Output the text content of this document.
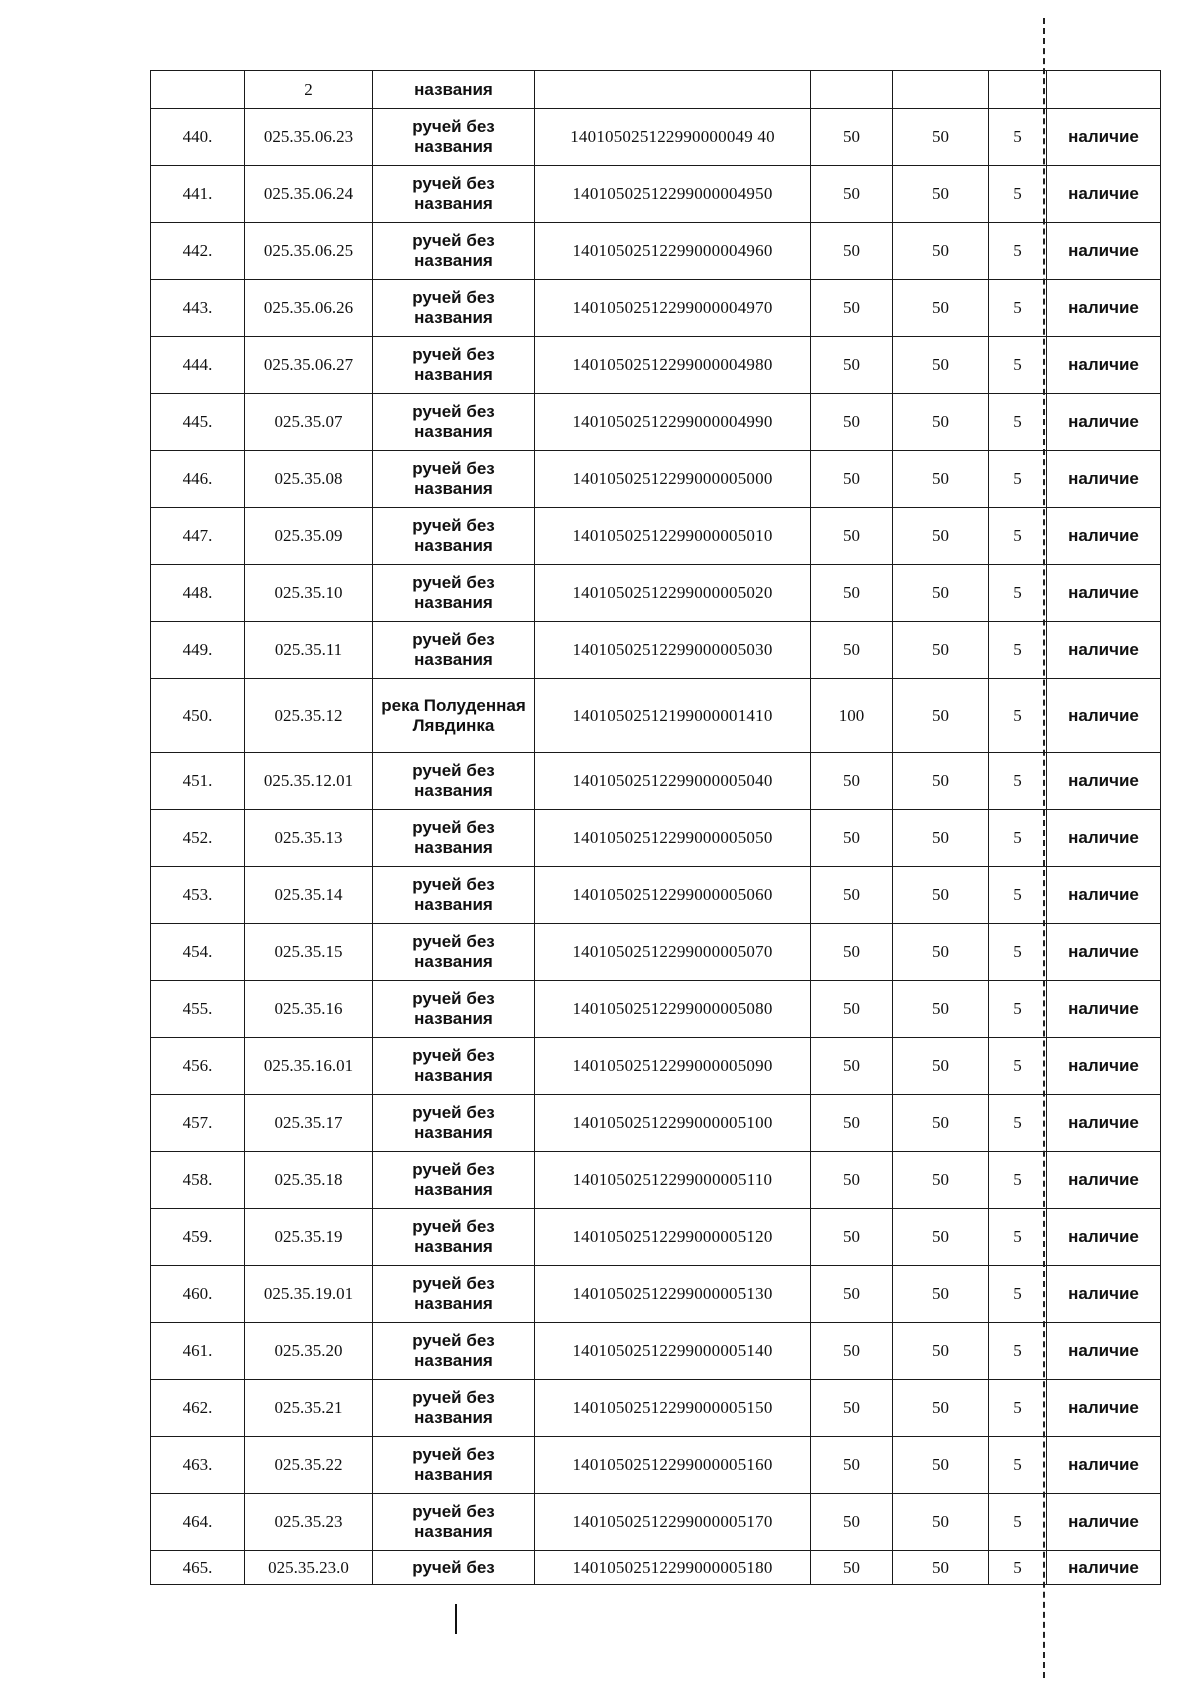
	2	названия					
440.	025.35.06.23	ручей без названия	140105025122990000049 40	50	50	5	наличие
441.	025.35.06.24	ручей без названия	14010502512299000004950	50	50	5	наличие
442.	025.35.06.25	ручей без названия	14010502512299000004960	50	50	5	наличие
443.	025.35.06.26	ручей без названия	14010502512299000004970	50	50	5	наличие
444.	025.35.06.27	ручей без названия	14010502512299000004980	50	50	5	наличие
445.	025.35.07	ручей без названия	14010502512299000004990	50	50	5	наличие
446.	025.35.08	ручей без названия	14010502512299000005000	50	50	5	наличие
447.	025.35.09	ручей без названия	14010502512299000005010	50	50	5	наличие
448.	025.35.10	ручей без названия	14010502512299000005020	50	50	5	наличие
449.	025.35.11	ручей без названия	14010502512299000005030	50	50	5	наличие
450.	025.35.12	река Полуденная Лявдинка	14010502512199000001410	100	50	5	наличие
451.	025.35.12.01	ручей без названия	14010502512299000005040	50	50	5	наличие
452.	025.35.13	ручей без названия	14010502512299000005050	50	50	5	наличие
453.	025.35.14	ручей без названия	14010502512299000005060	50	50	5	наличие
454.	025.35.15	ручей без названия	14010502512299000005070	50	50	5	наличие
455.	025.35.16	ручей без названия	14010502512299000005080	50	50	5	наличие
456.	025.35.16.01	ручей без названия	14010502512299000005090	50	50	5	наличие
457.	025.35.17	ручей без названия	14010502512299000005100	50	50	5	наличие
458.	025.35.18	ручей без названия	14010502512299000005110	50	50	5	наличие
459.	025.35.19	ручей без названия	14010502512299000005120	50	50	5	наличие
460.	025.35.19.01	ручей без названия	14010502512299000005130	50	50	5	наличие
461.	025.35.20	ручей без названия	14010502512299000005140	50	50	5	наличие
462.	025.35.21	ручей без названия	14010502512299000005150	50	50	5	наличие
463.	025.35.22	ручей без названия	14010502512299000005160	50	50	5	наличие
464.	025.35.23	ручей без названия	14010502512299000005170	50	50	5	наличие
465.	025.35.23.0	ручей без	14010502512299000005180	50	50	5	наличие
